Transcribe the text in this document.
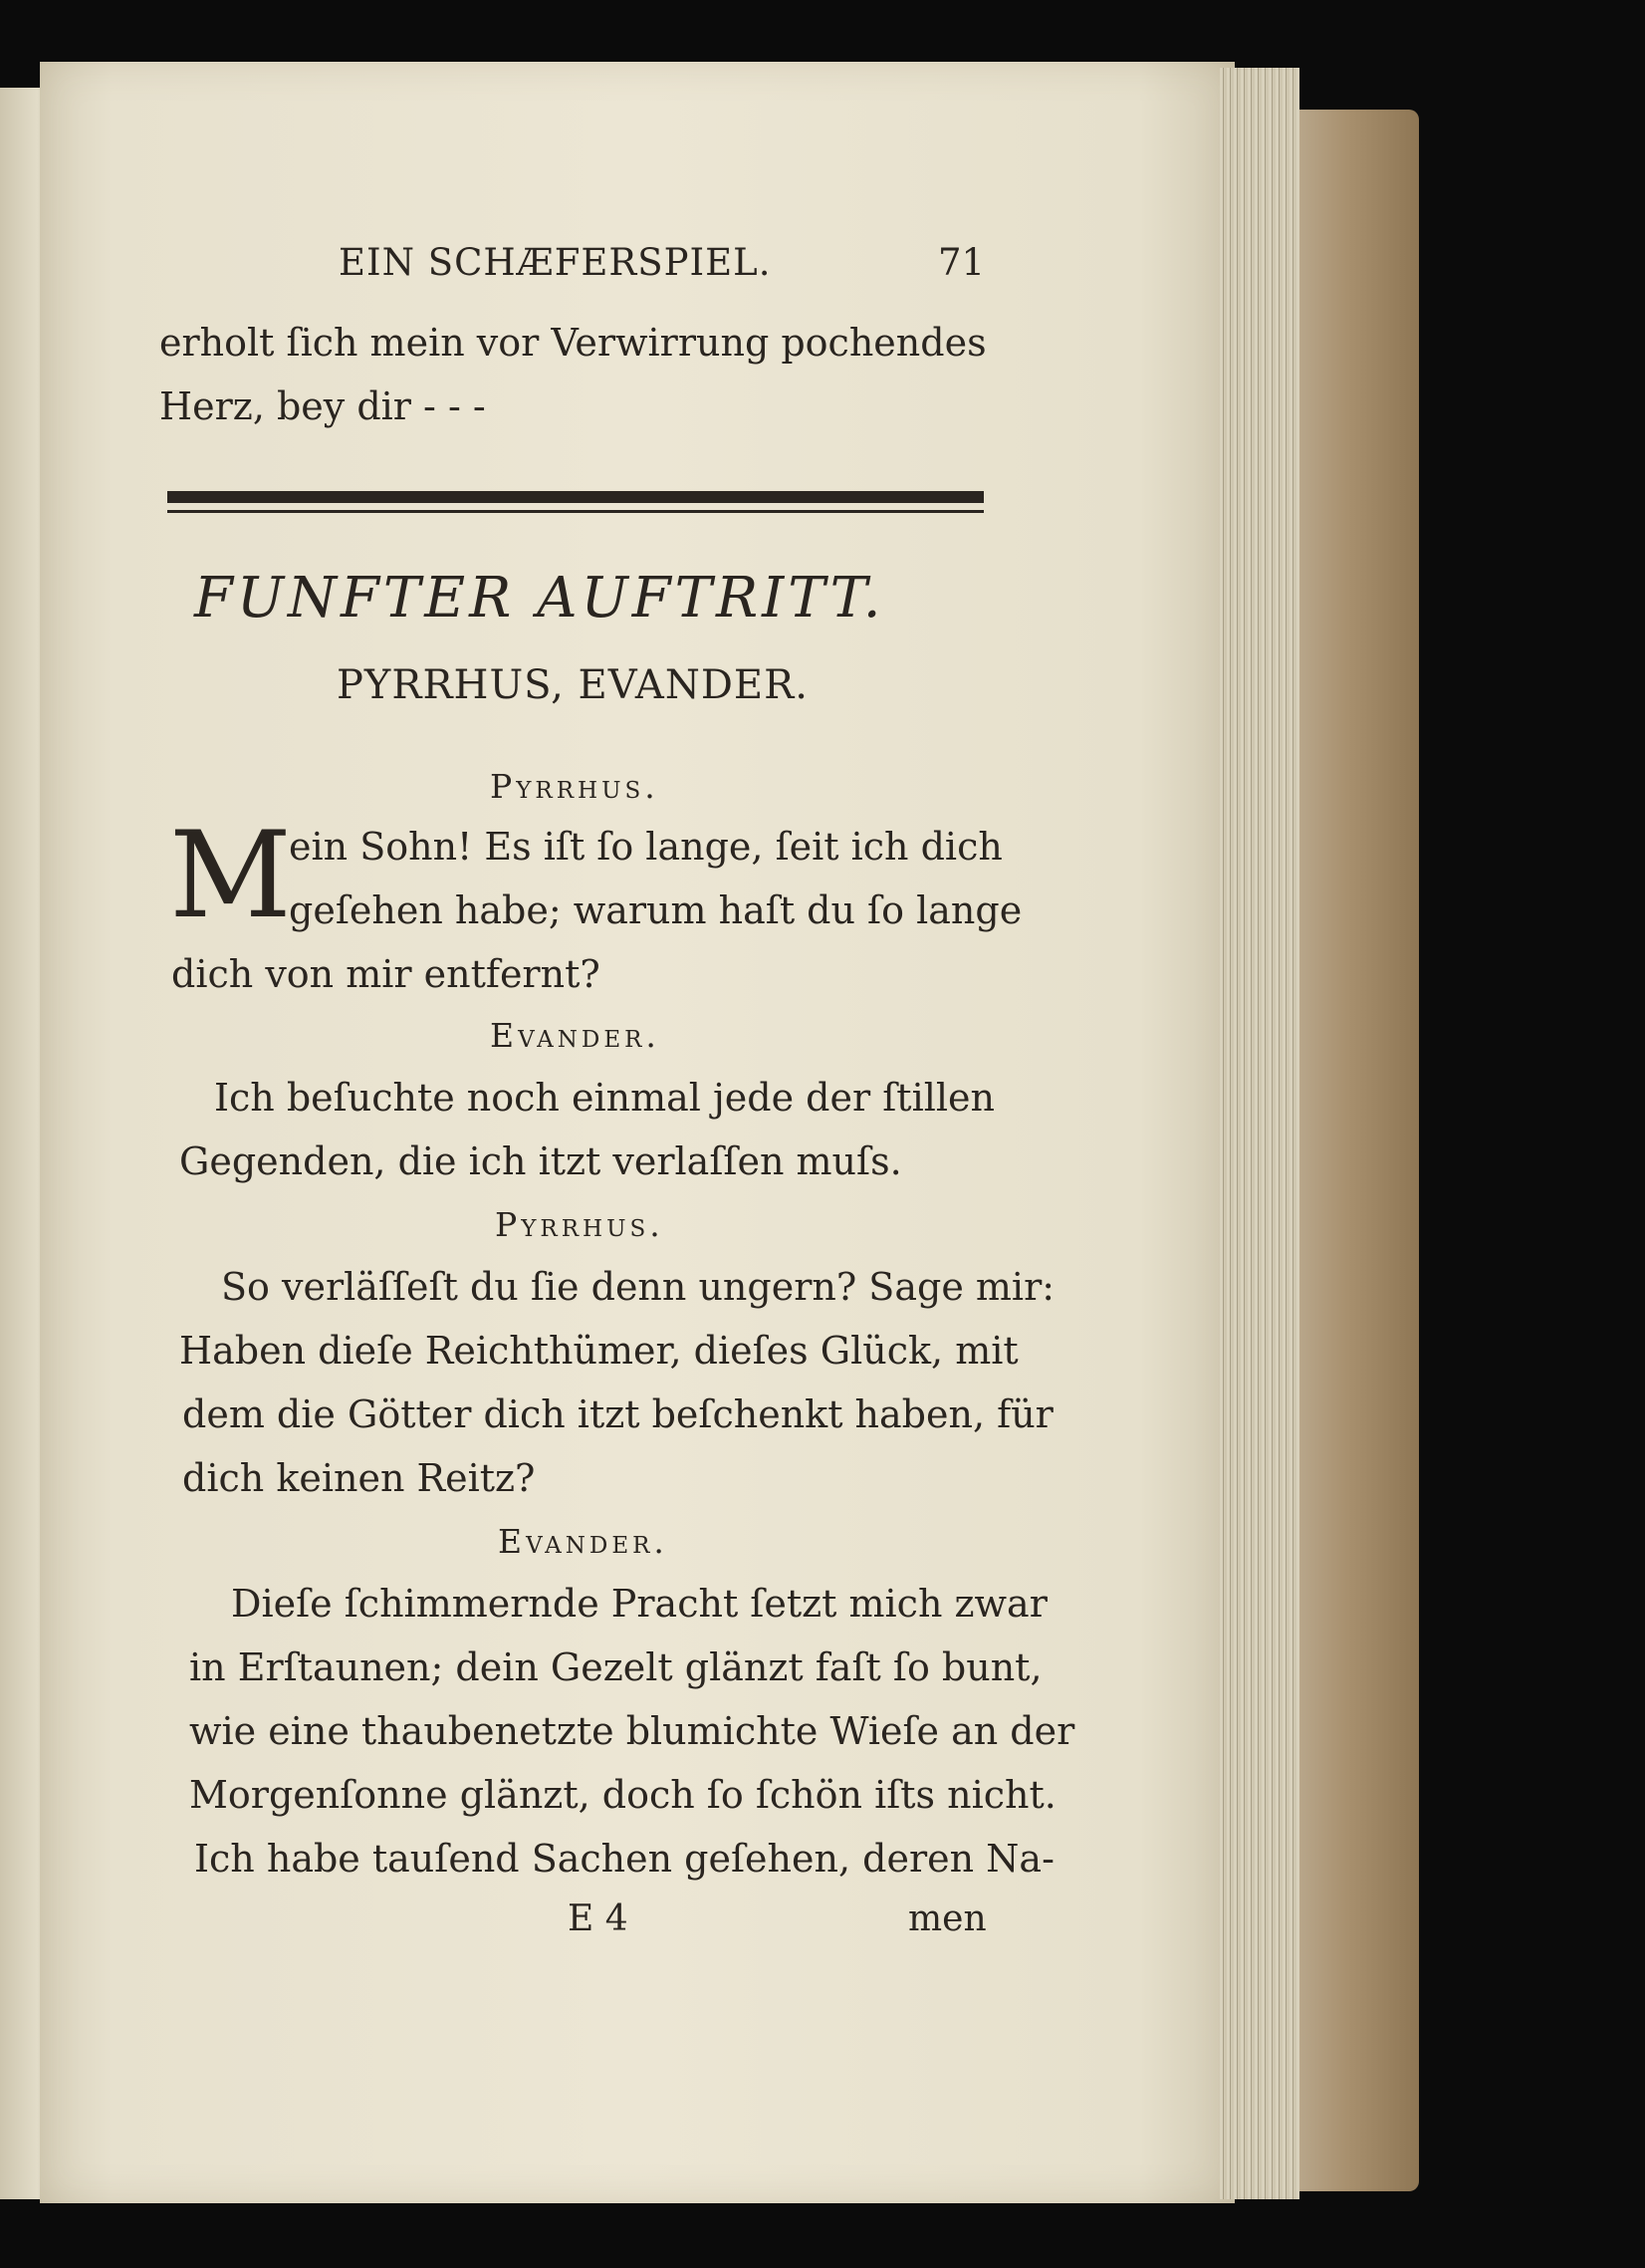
EIN SCHÆFERSPIEL.	71
erholt ſich mein vor Verwirrung pochendes
Herz, bey dir - - -
FUNFTER AUFTRITT.
PYRRHUS, EVANDER.
Pyrrhus.
M
ein Sohn! Es iſt ſo lange, ſeit ich dich
geſehen habe; warum haſt du ſo lange
dich von mir entfernt?
Evander.
Ich beſuchte noch einmal jede der ſtillen
Gegenden, die ich itzt verlaſſen muſs.
Pyrrhus.
So verläſſeſt du ſie denn ungern? Sage mir:
Haben dieſe Reichthümer, dieſes Glück, mit
dem die Götter dich itzt beſchenkt haben, für
dich keinen Reitz?
Evander.
Dieſe ſchimmernde Pracht ſetzt mich zwar
in Erſtaunen; dein Gezelt glänzt faſt ſo bunt,
wie eine thaubenetzte blumichte Wieſe an der
Morgenſonne glänzt, doch ſo ſchön iſts nicht.
Ich habe tauſend Sachen geſehen, deren Na-
E 4	men
